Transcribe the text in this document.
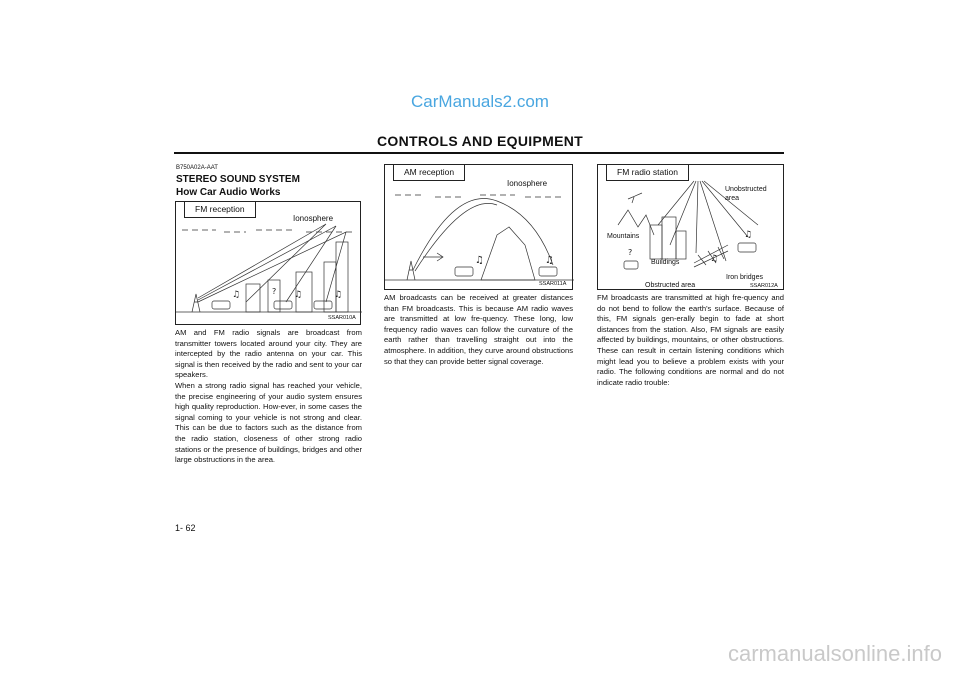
CarManuals2.com
CONTROLS AND EQUIPMENT
B750A02A-AAT
STEREO SOUND SYSTEM
How Car Audio Works
♫	♫	♫
?
FM reception
Ionosphere
SSAR010A
♫	♫
AM reception
Ionosphere
SSAR011A
♫
♫
?
FM radio station
Unobstructed
area
Mountains
Buildings
Iron bridges
Obstructed area	SSAR012A
AM and FM radio signals are broadcast from transmitter towers located around your city. They are intercepted by the radio antenna on your car. This signal is then received by the radio and sent to your car speakers.
When a strong radio signal has reached your vehicle, the precise engineering of your audio system ensures high quality reproduction. How-ever, in some cases the signal coming to your vehicle is not strong and clear. This can be due to factors such as the distance from the radio station, closeness of other strong radio stations or the presence of buildings, bridges and other large obstructions in the area.
AM broadcasts can be received at greater distances than FM broadcasts. This is because AM radio waves are transmitted at low fre-quency. These long, low frequency radio waves can follow the curvature of the earth rather than travelling straight out into the atmosphere. In addition, they curve around obstructions so that they can provide better signal coverage.
FM broadcasts are transmitted at high fre-quency and do not bend to follow the earth's surface. Because of this, FM signals gen-erally begin to fade at short distances from the station. Also, FM signals are easily affected by buildings, mountains, or other obstructions. These can result in certain listening conditions which might lead you to believe a problem exists with your radio. The following conditions are normal and do not indicate radio trouble:
1- 62
carmanualsonline.info
